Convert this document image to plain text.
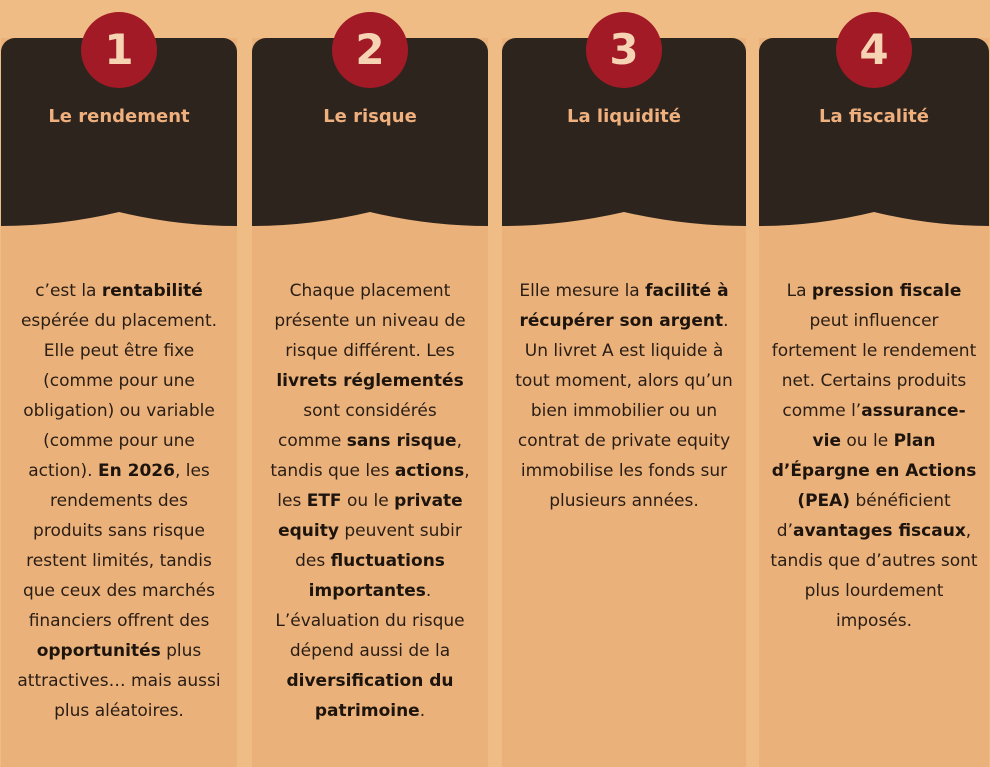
1
Le rendement

c’est la rentabilité espérée du placement. Elle peut être fixe (comme pour une obligation) ou variable (comme pour une action). En 2026, les rendements des produits sans risque restent limités, tandis que ceux des marchés financiers offrent des opportunités plus attractives… mais aussi plus aléatoires.

2
Le risque

Chaque placement présente un niveau de risque différent. Les livrets réglementés sont considérés comme sans risque, tandis que les actions, les ETF ou le private equity peuvent subir des fluctuations importantes. L’évaluation du risque dépend aussi de la diversification du patrimoine.

3
La liquidité

Elle mesure la facilité à récupérer son argent. Un livret A est liquide à tout moment, alors qu’un bien immobilier ou un contrat de private equity immobilise les fonds sur plusieurs années.

4
La fiscalité

La pression fiscale peut influencer fortement le rendement net. Certains produits comme l’assurance-vie ou le Plan d’Épargne en Actions (PEA) bénéficient d’avantages fiscaux, tandis que d’autres sont plus lourdement imposés.
